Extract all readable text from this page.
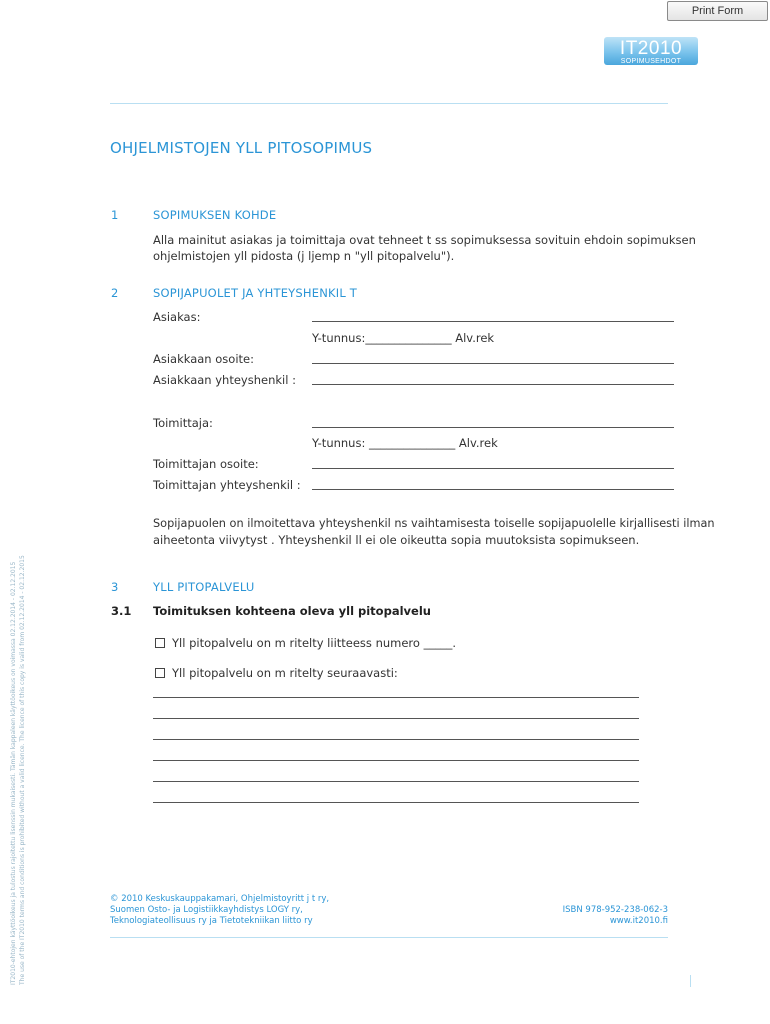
Print Form
IT2010
SOPIMUSEHDOT
OHJELMISTOJEN YLL PITOSOPIMUS
1	SOPIMUKSEN KOHDE
Alla mainitut asiakas ja toimittaja ovat tehneet t ss sopimuksessa sovituin ehdoin sopimuksen
ohjelmistojen yll pidosta (j ljemp n "yll pitopalvelu").
2	SOPIJAPUOLET JA YHTEYSHENKIL T
Asiakas:
Y-tunnus:_______________ Alv.rek
Asiakkaan osoite:
Asiakkaan yhteyshenkil :
Toimittaja:
Y-tunnus: _______________ Alv.rek
Toimittajan osoite:
Toimittajan yhteyshenkil :
Sopijapuolen on ilmoitettava yhteyshenkil ns vaihtamisesta toiselle sopijapuolelle kirjallisesti ilman
aiheetonta viivytyst . Yhteyshenkil ll ei ole oikeutta sopia muutoksista sopimukseen.
3	YLL PITOPALVELU
3.1 Toimituksen kohteena oleva yll pitopalvelu
Yll pitopalvelu on m ritelty liitteess numero _____.
Yll pitopalvelu on m ritelty seuraavasti:
© 2010 Keskuskauppakamari, Ohjelmistoyritt j t ry,
Suomen Osto- ja Logistiikkayhdistys LOGY ry,
Teknologiateollisuus ry ja Tietotekniikan liitto ry
ISBN 978-952-238-062-3
www.it2010.fi
IT2010-ehtojen käyttöoikeus ja tulostus rajoitettu lisenssin mukaisesti. Tämän kappaleen käyttöoikeus on voimassa 02.12.2014 - 02.12.2015 The use of the IT2010 terms and conditions is prohibited without a valid licence. The licence of this copy is valid from 02.12.2014 - 02.12.2015
